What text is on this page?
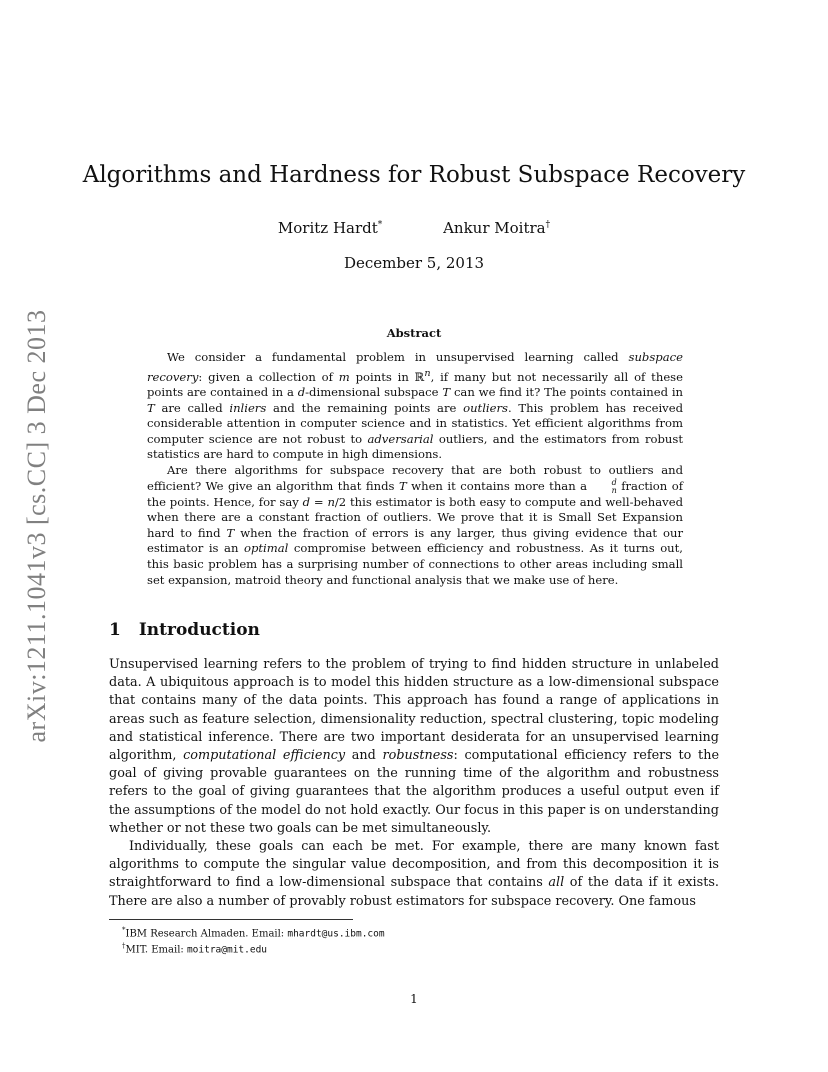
arXiv:1211.1041v3 [cs.CC] 3 Dec 2013
Algorithms and Hardness for Robust Subspace Recovery
Moritz Hardt*	Ankur Moitra†
December 5, 2013
Abstract

We consider a fundamental problem in unsupervised learning called subspace recovery: given a collection of m points in ℝ$^n$, if many but not necessarily all of these points are contained in a d-dimensional subspace T can we find it? The points contained in T are called inliers and the remaining points are outliers. This problem has received considerable attention in computer science and in statistics. Yet efficient algorithms from computer science are not robust to adversarial outliers, and the estimators from robust statistics are hard to compute in high dimensions.

Are there algorithms for subspace recovery that are both robust to outliers and efficient? We give an algorithm that finds T when it contains more than a	d
n fraction of the points. Hence, for say d = n/2 this estimator is both easy to compute and well-behaved when there are a constant fraction of outliers. We prove that it is Small Set Expansion hard to find T when the fraction of errors is any larger, thus giving evidence that our estimator is an optimal compromise between efficiency and robustness. As it turns out, this basic problem has a surprising number of connections to other areas including small set expansion, matroid theory and functional analysis that we make use of here.

1 Introduction

Unsupervised learning refers to the problem of trying to find hidden structure in unlabeled data. A ubiquitous approach is to model this hidden structure as a low-dimensional subspace that contains many of the data points. This approach has found a range of applications in areas such as feature selection, dimensionality reduction, spectral clustering, topic modeling and statistical inference. There are two important desiderata for an unsupervised learning algorithm, computational efficiency and robustness: computational efficiency refers to the goal of giving provable guarantees on the running time of the algorithm and robustness refers to the goal of giving guarantees that the algorithm produces a useful output even if the assumptions of the model do not hold exactly. Our focus in this paper is on understanding whether or not these two goals can be met simultaneously.

Individually, these goals can each be met. For example, there are many known fast algorithms to compute the singular value decomposition, and from this decomposition it is straightforward to find a low-dimensional subspace that contains all of the data if it exists. There are also a number of provably robust estimators for subspace recovery. One famous

*IBM Research Almaden. Email: mhardt@us.ibm.com
†MIT. Email: moitra@mit.edu
1
